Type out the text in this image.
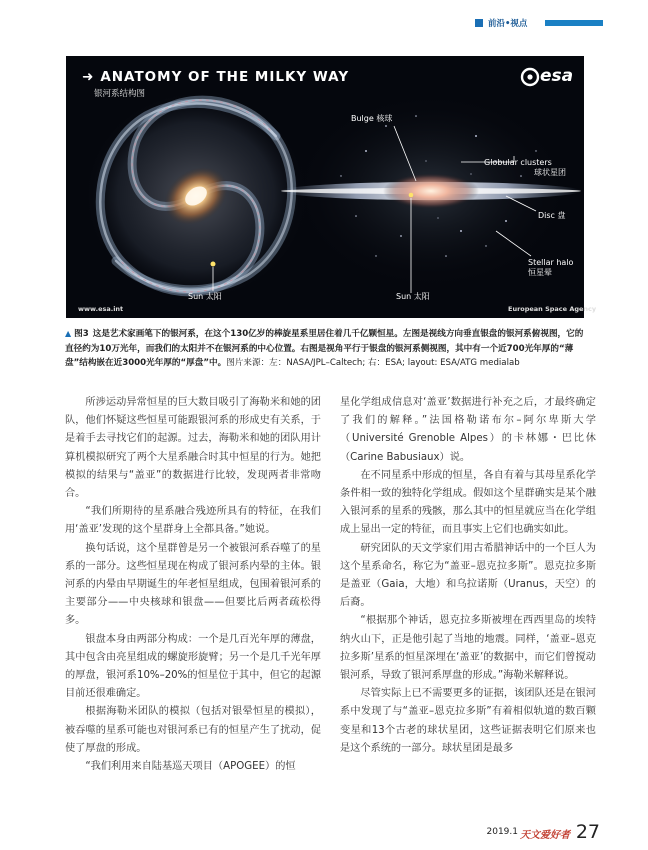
前沿•视点
➜ ANATOMY OF THE MILKY WAY
银河系结构图
esa
Bulge 核球
Globular clusters
球状星团
Disc 盘
Stellar halo
恒星晕
Sun 太阳	Sun 太阳
www.esa.int	European Space Agency
▲ 图3 这是艺术家画笔下的银河系，在这个130亿岁的棒旋星系里居住着几千亿颗恒星。左图是视线方向垂直银盘的银河系俯视图，它的直径约为10万光年，而我们的太阳并不在银河系的中心位置。右图是视角平行于银盘的银河系侧视图，其中有一个近700光年厚的“薄盘”结构嵌在近3000光年厚的“厚盘”中。图片来源：左：NASA/JPL–Caltech; 右：ESA; layout: ESA/ATG medialab

所涉运动异常恒星的巨大数目吸引了海勒米和她的团队，他们怀疑这些恒星可能跟银河系的形成史有关系，于是着手去寻找它们的起源。过去，海勒米和她的团队用计算机模拟研究了两个大星系融合时其中恒星的行为。她把模拟的结果与“盖亚”的数据进行比较，发现两者非常吻合。

“我们所期待的星系融合残迹所具有的特征，在我们用‘盖亚’发现的这个星群身上全都具备。”她说。

换句话说，这个星群曾是另一个被银河系吞噬了的星系的一部分。这些恒星现在构成了银河系内晕的主体。银河系的内晕由早期诞生的年老恒星组成，包围着银河系的主要部分——中央核球和银盘——但要比后两者疏松得多。

银盘本身由两部分构成：一个是几百光年厚的薄盘，其中包含由亮星组成的螺旋形旋臂；另一个是几千光年厚的厚盘，银河系10%–20%的恒星位于其中，但它的起源目前还很难确定。

根据海勒米团队的模拟（包括对银晕恒星的模拟），被吞噬的星系可能也对银河系已有的恒星产生了扰动，促使了厚盘的形成。

“我们利用来自陆基巡天项目（APOGEE）的恒

星化学组成信息对‘盖亚’数据进行补充之后，才最终确定了我们的解释。”法国格勒诺布尔–阿尔卑斯大学（Université Grenoble Alpes）的卡林娜・巴比休（Carine Babusiaux）说。

在不同星系中形成的恒星，各自有着与其母星系化学条件相一致的独特化学组成。假如这个星群确实是某个融入银河系的星系的残骸，那么其中的恒星就应当在化学组成上显出一定的特征，而且事实上它们也确实如此。

研究团队的天文学家们用古希腊神话中的一个巨人为这个星系命名，称它为“盖亚–恩克拉多斯”。恩克拉多斯是盖亚（Gaia，大地）和乌拉诺斯（Uranus，天空）的后裔。

“根据那个神话，恩克拉多斯被埋在西西里岛的埃特纳火山下，正是他引起了当地的地震。同样，‘盖亚–恩克拉多斯’星系的恒星深埋在‘盖亚’的数据中，而它们曾搅动银河系，导致了银河系厚盘的形成。”海勒米解释说。

尽管实际上已不需要更多的证据，该团队还是在银河系中发现了与“盖亚–恩克拉多斯”有着相似轨道的数百颗变星和13个古老的球状星团，这些证据表明它们原来也是这个系统的一部分。球状星团是最多

2019.1 天文爱好者 27
